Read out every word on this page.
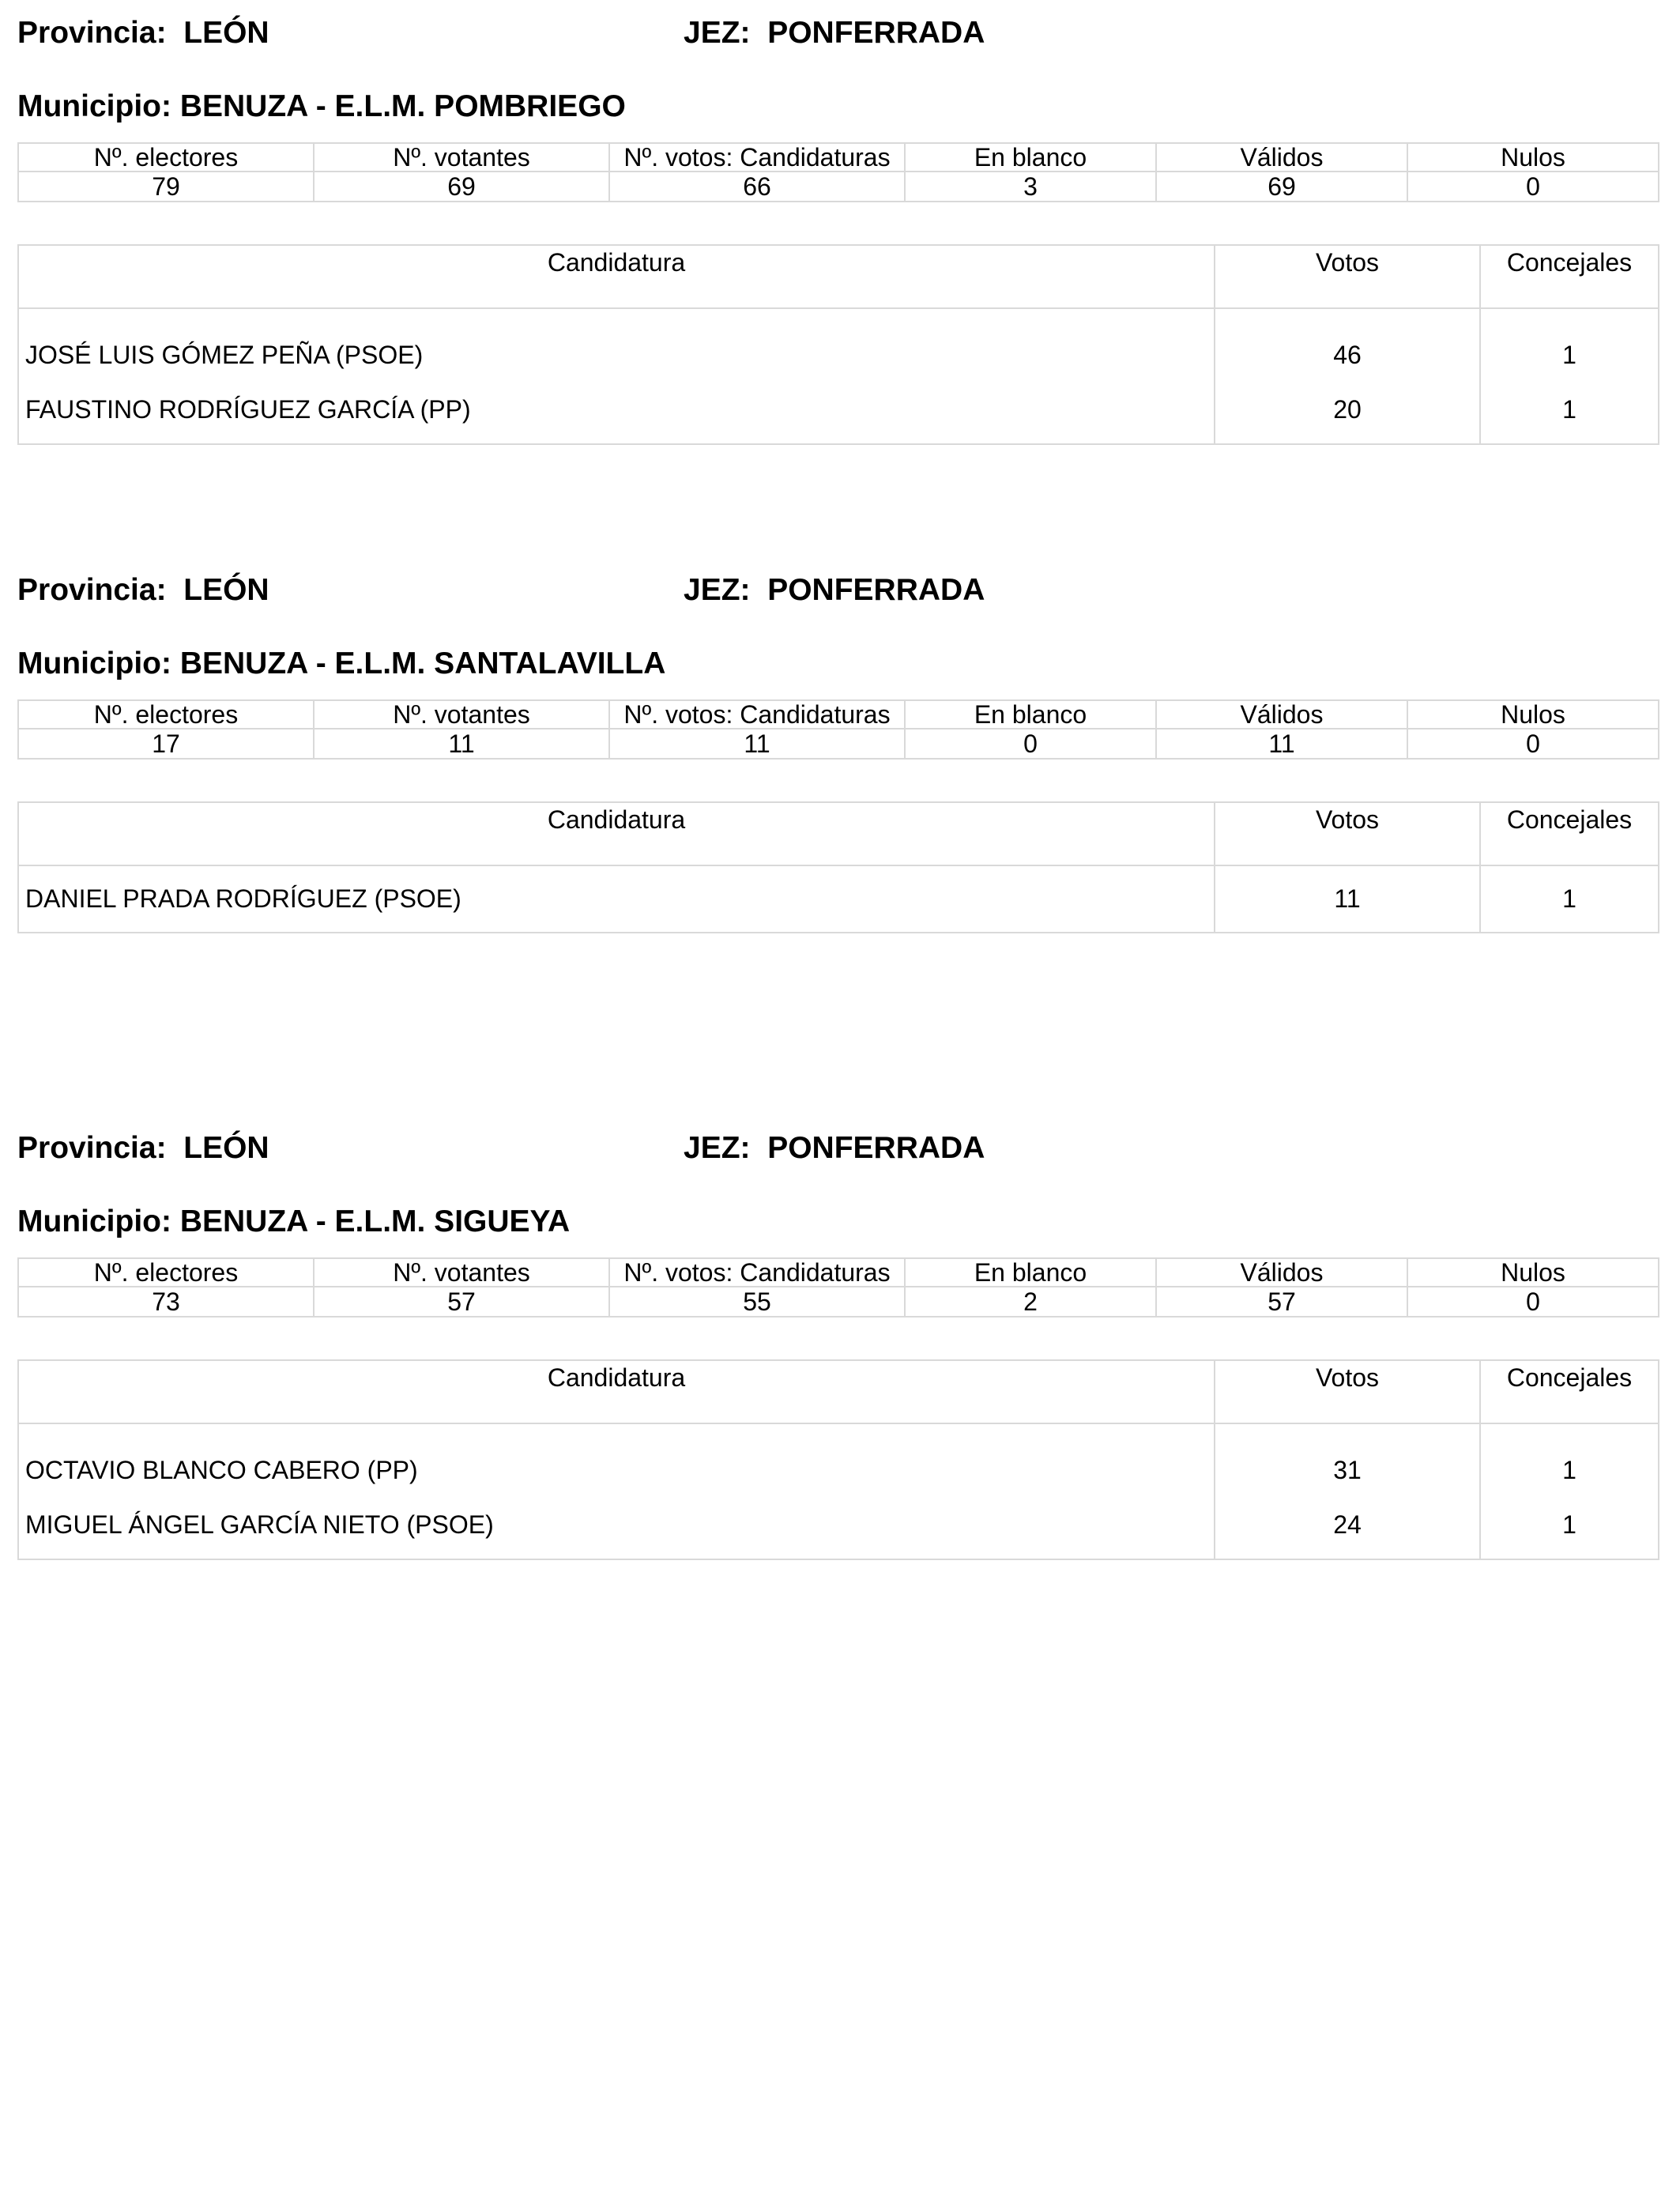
Provincia: LEÓN	JEZ: PONFERRADA
Municipio: BENUZA - E.L.M. POMBRIEGO
Nº. electores	Nº. votantes	Nº. votos: Candidaturas	En blanco	Válidos	Nulos
79	69	66	3	69	0
Candidatura	Votos	Concejales
JOSÉ LUIS GÓMEZ PEÑA (PSOE)	46	1
FAUSTINO RODRÍGUEZ GARCÍA (PP)	20	1
Provincia: LEÓN	JEZ: PONFERRADA
Municipio: BENUZA - E.L.M. SANTALAVILLA
Nº. electores	Nº. votantes	Nº. votos: Candidaturas	En blanco	Válidos	Nulos
17	11	11	0	11	0
Candidatura	Votos	Concejales
DANIEL PRADA RODRÍGUEZ (PSOE)	11	1
Provincia: LEÓN	JEZ: PONFERRADA
Municipio: BENUZA - E.L.M. SIGUEYA
Nº. electores	Nº. votantes	Nº. votos: Candidaturas	En blanco	Válidos	Nulos
73	57	55	2	57	0
Candidatura	Votos	Concejales
OCTAVIO BLANCO CABERO (PP)	31	1
MIGUEL ÁNGEL GARCÍA NIETO (PSOE)	24	1
